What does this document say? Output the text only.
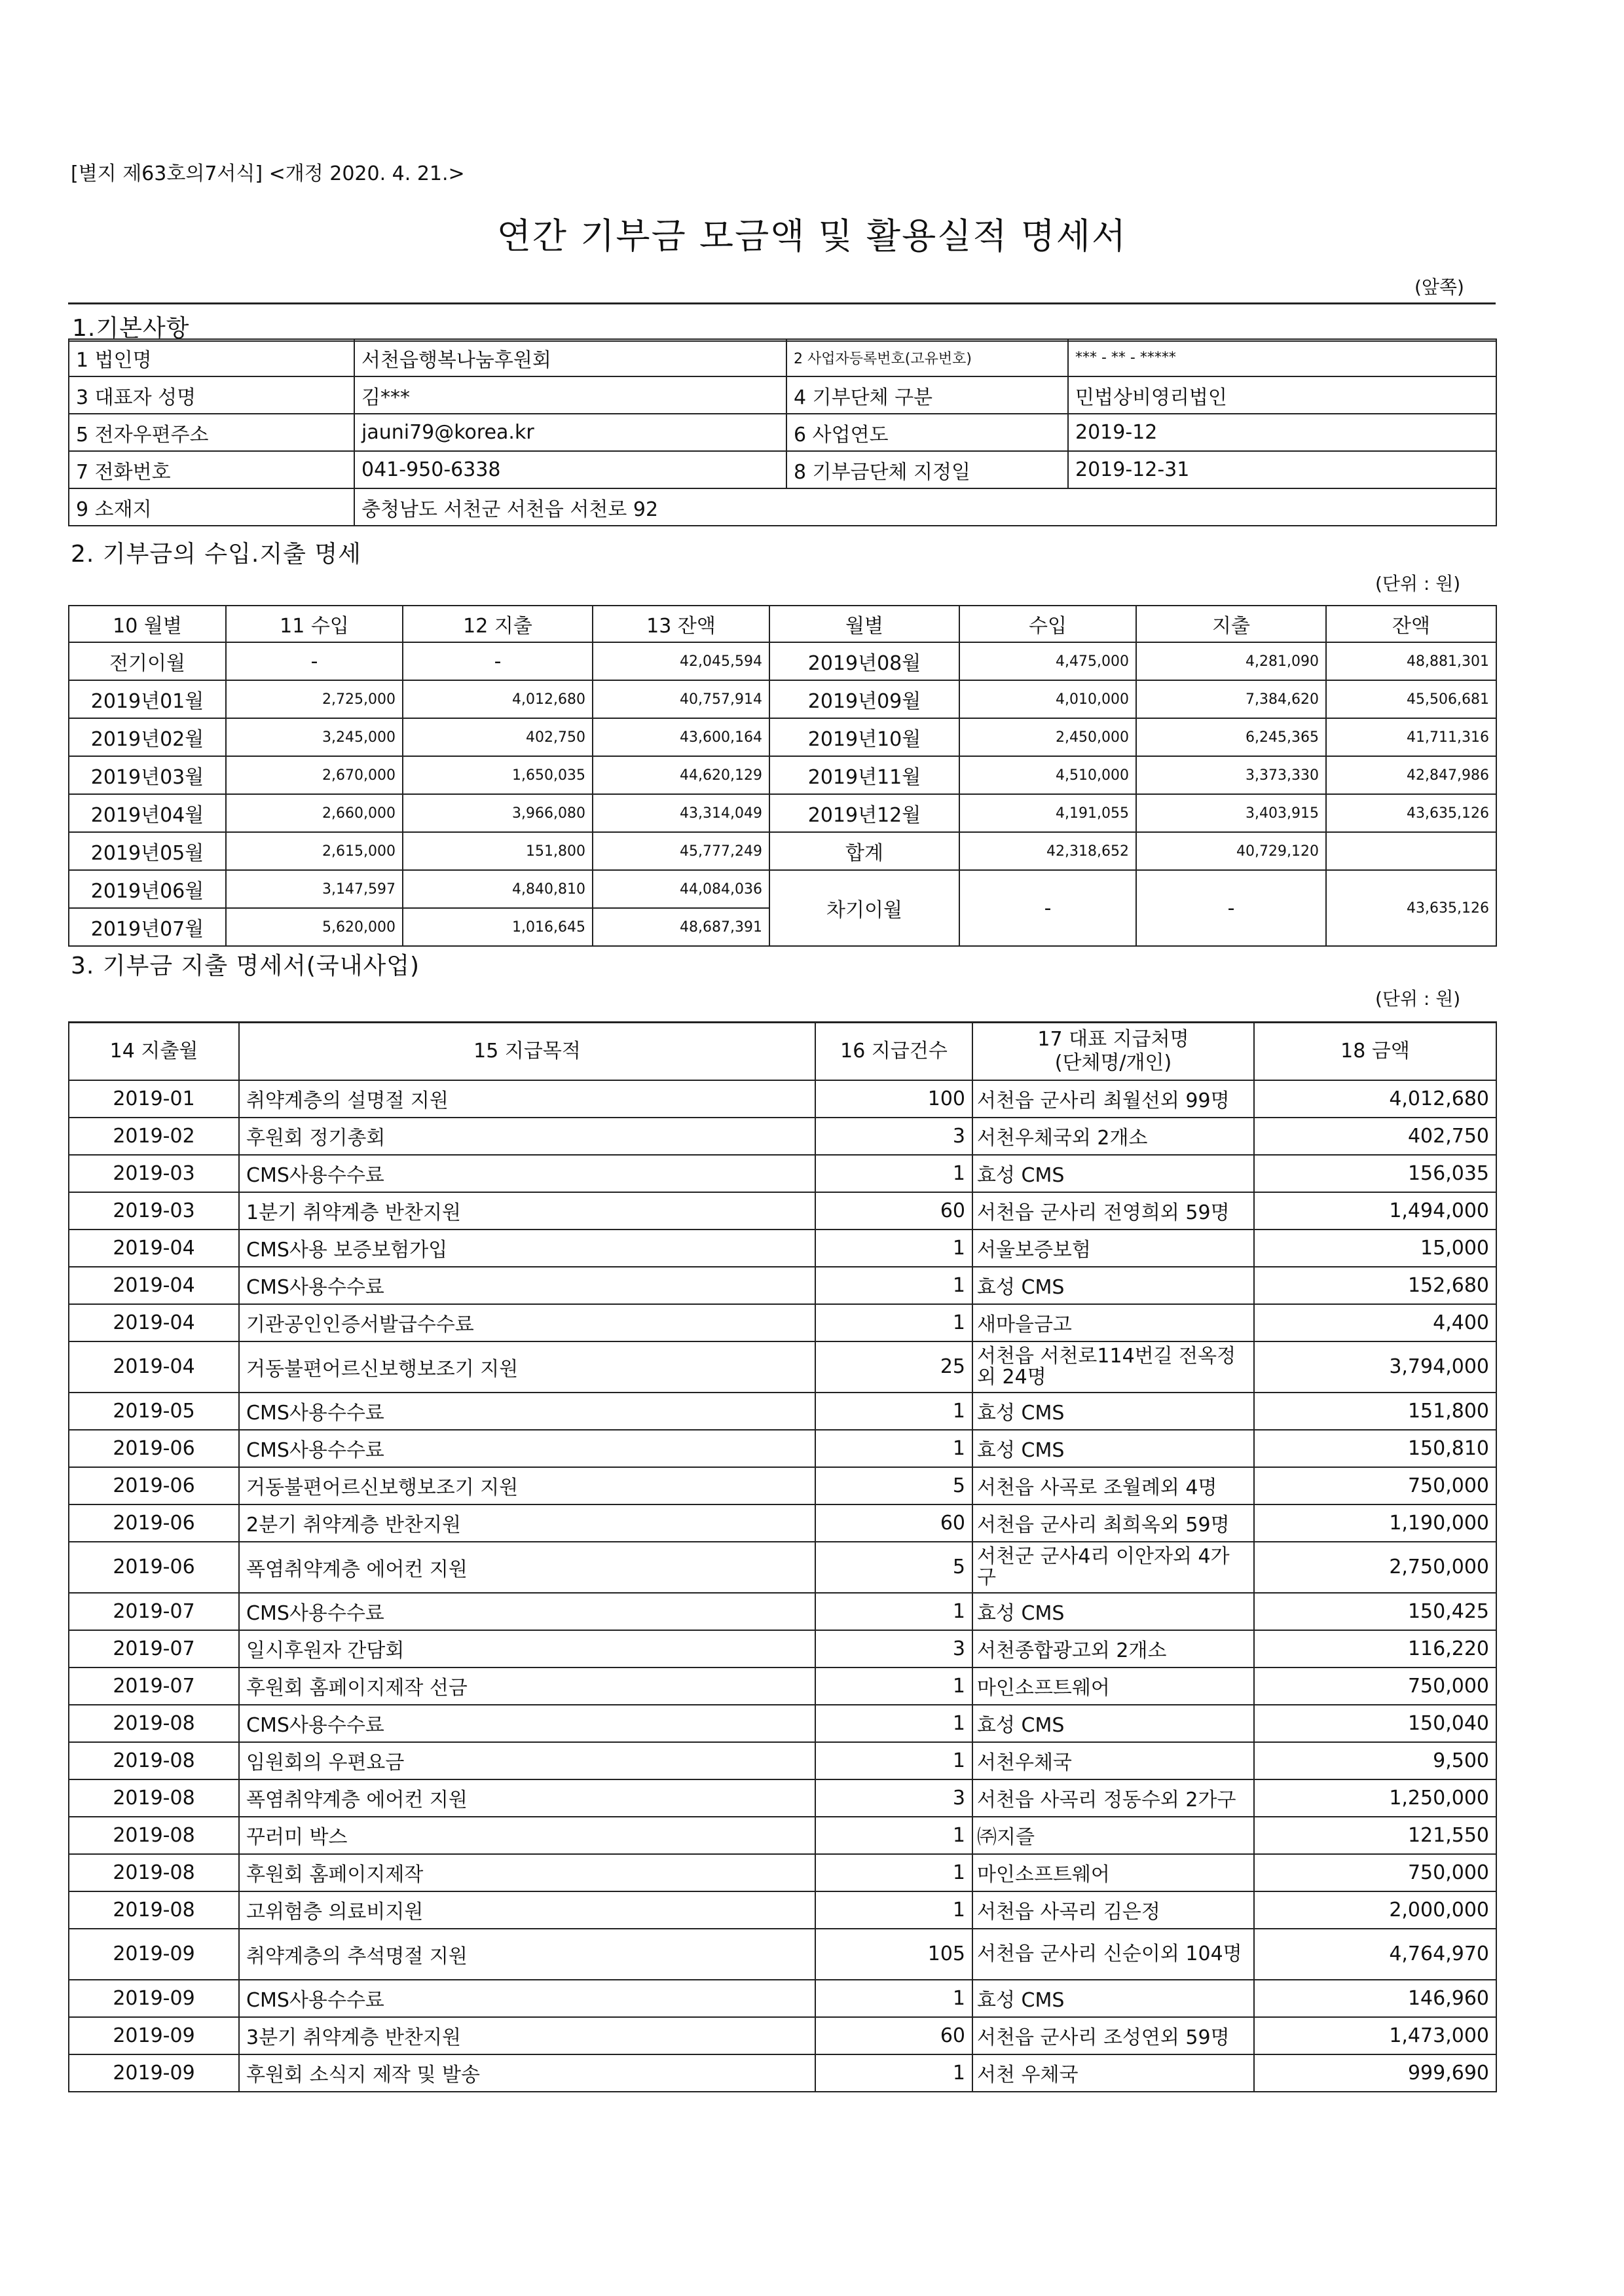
[별지 제63호의7서식] <개정 2020. 4. 21.>
연간 기부금 모금액 및 활용실적 명세서
(앞쪽)
1.기본사항
1 법인명	서천읍행복나눔후원회	2 사업자등록번호(고유번호)	*** - ** - *****
3 대표자 성명	김***	4 기부단체 구분	민법상비영리법인
5 전자우편주소	jauni79@korea.kr	6 사업연도	2019-12
7 전화번호	041-950-6338	8 기부금단체 지정일	2019-12-31
9 소재지	충청남도 서천군 서천읍 서천로 92		
2. 기부금의 수입.지출 명세
(단위 : 원)
10 월별	11 수입	12 지출	13 잔액	월별	수입	지출	잔액
전기이월	-	-	42,045,594	2019년08월	4,475,000	4,281,090	48,881,301
2019년01월	2,725,000	4,012,680	40,757,914	2019년09월	4,010,000	7,384,620	45,506,681
2019년02월	3,245,000	402,750	43,600,164	2019년10월	2,450,000	6,245,365	41,711,316
2019년03월	2,670,000	1,650,035	44,620,129	2019년11월	4,510,000	3,373,330	42,847,986
2019년04월	2,660,000	3,966,080	43,314,049	2019년12월	4,191,055	3,403,915	43,635,126
2019년05월	2,615,000	151,800	45,777,249	합계	42,318,652	40,729,120	
2019년06월	3,147,597	4,840,810	44,084,036	차기이월	-	-	43,635,126
2019년07월	5,620,000	1,016,645	48,687,391				
3. 기부금 지출 명세서(국내사업)
(단위 : 원)
14 지출월	15 지급목적	16 지급건수	17 대표 지급처명
(단체명/개인)	18 금액
2019-01	취약계층의 설명절 지원	100	서천읍 군사리 최월선외 99명	4,012,680
2019-02	후원회 정기총회	3	서천우체국외 2개소	402,750
2019-03	CMS사용수수료	1	효성 CMS	156,035
2019-03	1분기 취약계층 반찬지원	60	서천읍 군사리 전영희외 59명	1,494,000
2019-04	CMS사용 보증보험가입	1	서울보증보험	15,000
2019-04	CMS사용수수료	1	효성 CMS	152,680
2019-04	기관공인인증서발급수수료	1	새마을금고	4,400
2019-04	거동불편어르신보행보조기 지원	25	서천읍 서천로114번길 전옥정외 24명	3,794,000
2019-05	CMS사용수수료	1	효성 CMS	151,800
2019-06	CMS사용수수료	1	효성 CMS	150,810
2019-06	거동불편어르신보행보조기 지원	5	서천읍 사곡로 조월례외 4명	750,000
2019-06	2분기 취약계층 반찬지원	60	서천읍 군사리 최희옥외 59명	1,190,000
2019-06	폭염취약계층 에어컨 지원	5	서천군 군사4리 이안자외 4가구	2,750,000
2019-07	CMS사용수수료	1	효성 CMS	150,425
2019-07	일시후원자 간담회	3	서천종합광고외 2개소	116,220
2019-07	후원회 홈페이지제작 선금	1	마인소프트웨어	750,000
2019-08	CMS사용수수료	1	효성 CMS	150,040
2019-08	임원회의 우편요금	1	서천우체국	9,500
2019-08	폭염취약계층 에어컨 지원	3	서천읍 사곡리 정동수외 2가구	1,250,000
2019-08	꾸러미 박스	1	㈜지즐	121,550
2019-08	후원회 홈페이지제작	1	마인소프트웨어	750,000
2019-08	고위험층 의료비지원	1	서천읍 사곡리 김은정	2,000,000
2019-09	취약계층의 추석명절 지원	105	서천읍 군사리 신순이외 104명	4,764,970
2019-09	CMS사용수수료	1	효성 CMS	146,960
2019-09	3분기 취약계층 반찬지원	60	서천읍 군사리 조성연외 59명	1,473,000
2019-09	후원회 소식지 제작 및 발송	1	서천 우체국	999,690
